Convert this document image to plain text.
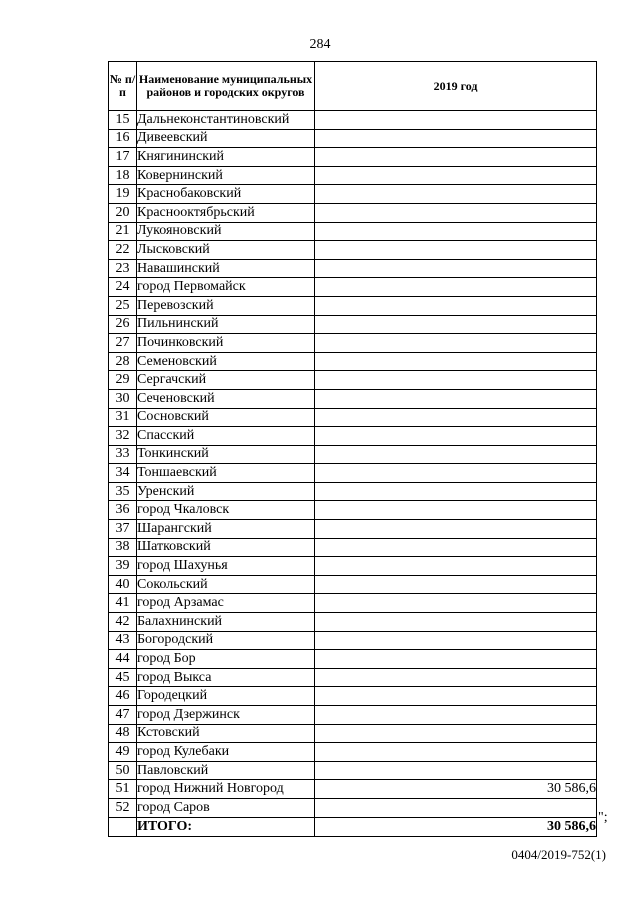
284
№ п/п	Наименование муниципальных районов и городских округов	2019 год
15	Дальнеконстантиновский	
16	Дивеевский	
17	Княгининский	
18	Ковернинский	
19	Краснобаковский	
20	Краснооктябрьский	
21	Лукояновский	
22	Лысковский	
23	Навашинский	
24	город Первомайск	
25	Перевозский	
26	Пильнинский	
27	Починковский	
28	Семеновский	
29	Сергачский	
30	Сеченовский	
31	Сосновский	
32	Спасский	
33	Тонкинский	
34	Тоншаевский	
35	Уренский	
36	город Чкаловск	
37	Шарангский	
38	Шатковский	
39	город Шахунья	
40	Сокольский	
41	город Арзамас	
42	Балахнинский	
43	Богородский	
44	город Бор	
45	город Выкса	
46	Городецкий	
47	город Дзержинск	
48	Кстовский	
49	город Кулебаки	
50	Павловский	
51	город Нижний Новгород	30 586,6
52	город Саров	
	ИТОГО:	30 586,6
";
0404/2019-752(1)
